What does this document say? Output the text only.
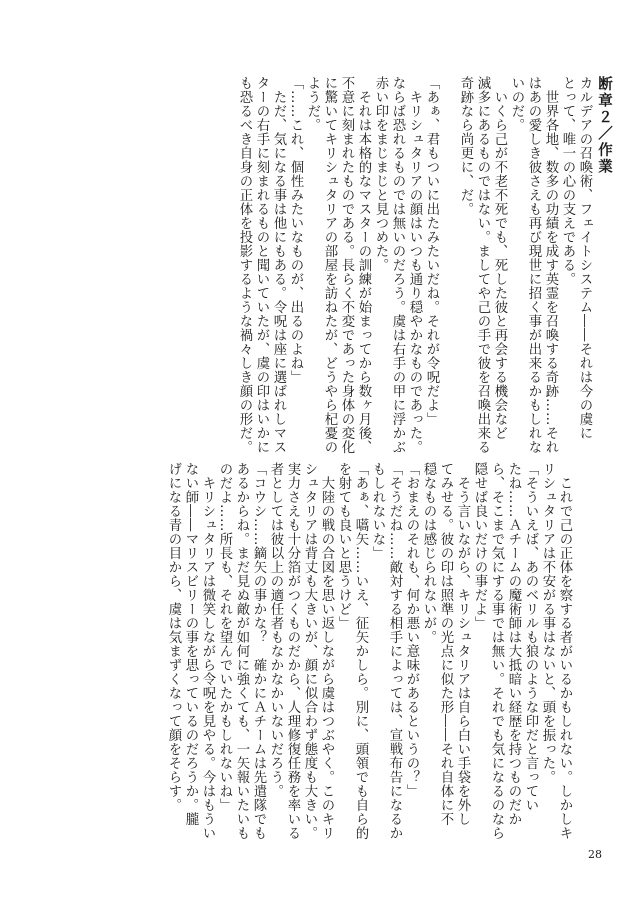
断章２／作業
カルデアの召喚術、フェイトシステム――それは今の虞に
とって、唯一の心の支えである。
　世界各地、数多の功績を成す英霊を召喚する奇跡……それ
はあの愛しき彼さえも再び現世に招く事が出来るかもしれな
いのだ。
　いくら己が不老不死でも、死した彼と再会する機会など
滅多にあるものではない。ましてや己の手で彼を召喚出来る
奇跡なら尚更に、だ。

「あぁ、君もついに出たみたいだね。それが令呪だよ」
　キリシュタリアの顔はいつも通り穏やかなものであった。
ならば恐れるものでは無いのだろう。虞は右手の甲に浮かぶ
赤い印をまじまじと見つめた。
　それは本格的なマスターの訓練が始まってから数ヶ月後、
不意に刻まれたものである。長らく不変であった身体の変化
に驚いてキリシュタリアの部屋を訪ねたが、どうやら杞憂の
ようだ。
「……これ、個性みたいなものが、出るのよね」
　ただ、気になる事は他にもある。令呪は座に選ばれしマス
ターの右手に刻まれるものと聞いていたが、虞の印はいかに
も恐るべき自身の正体を投影するような禍々しき顔の形だ。
　これで己の正体を察する者がいるかもしれない。しかしキ
リシュタリアは不安がる事はないと、頭を振った。
「そういえば、あのベリルも狼のような印だと言ってい
たね……Ａチームの魔術師は大抵暗い経歴を持つものだか
ら、そこまで気にする事では無い。それでも気になるのなら
隠せば良いだけの事だよ」
　そう言いながら、キリシュタリアは自ら白い手袋を外し
てみせる。彼の印は照準の光点に似た形――それ自体に不
穏なものは感じられないが。
「おまえのそれも、何か悪い意味があるというの？」
「そうだね……敵対する相手によっては、宣戦布告になるか
もしれないな」
「あぁ、嚆矢……いえ、征矢かしら。別に、頭領でも自ら的
を射ても良いと思うけど」
　大陸の戦の合図を思い返しながら虞はつぶやく。このキリ
シュタリアは背丈も大きいが、顔に似合わず態度も大きい。
実力さえも十分箔がつくものだから、人理修復任務を率いる
者としては彼以上の適任者もなかなかいないだろう。
「コウシ……鏑矢の事かな？　確かにＡチームは先遣隊でも
あるからね。まだ見ぬ敵が如何に強くても、一矢報いたいも
のだよ……所長も、それを望んでいたかもしれないね」
　キリシュタリアは微笑しながら令呪を見やる。今はもうい
ない師――マリスビリーの事を思っているのだろうか。朧
げになる青の目から、虞は気まずくなって顔をそらす。
28
